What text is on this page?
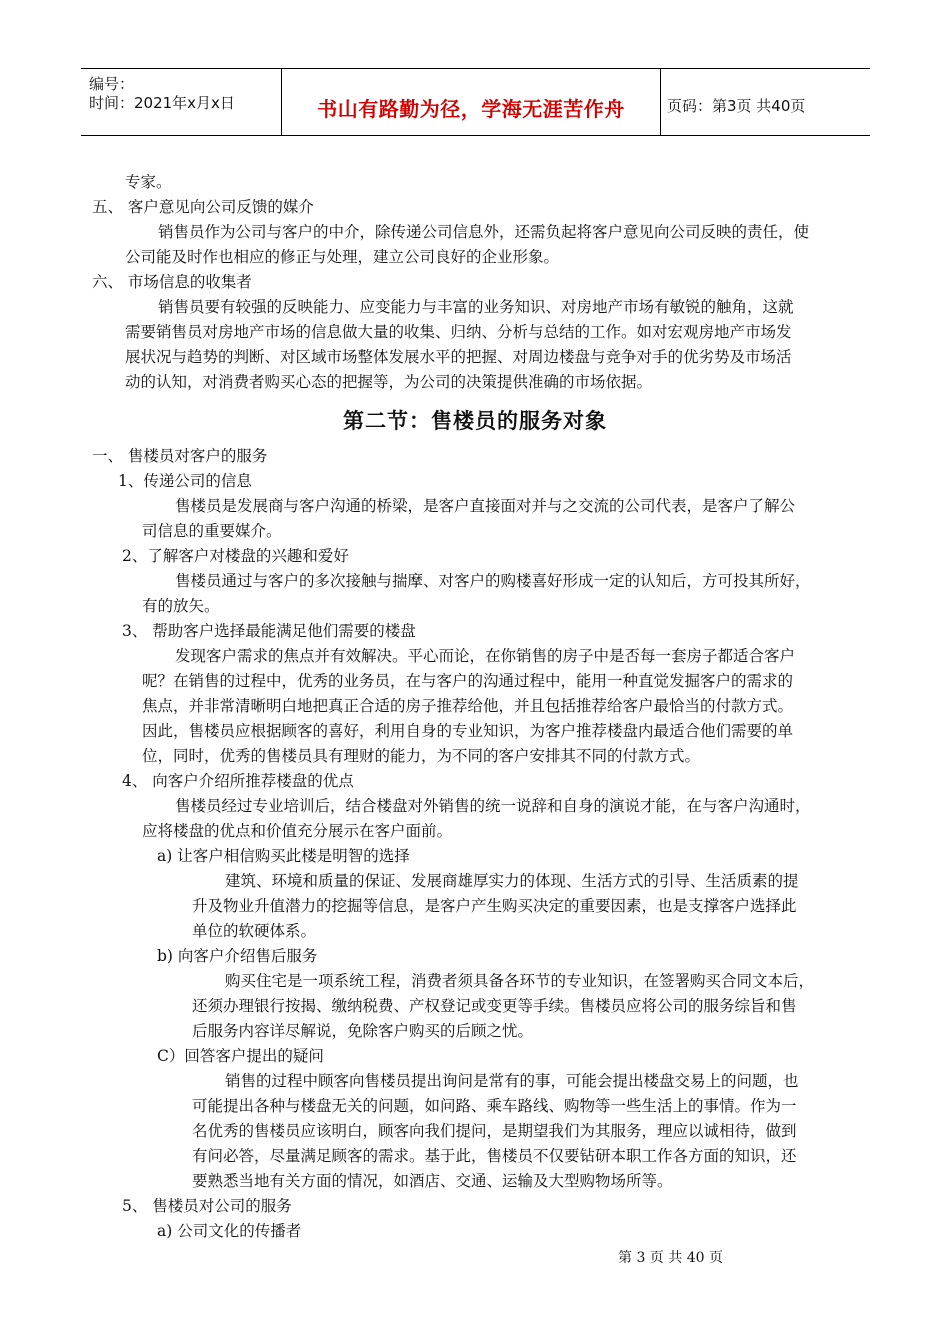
编号：
时间：2021年x月x日	书山有路勤为径，学海无涯苦作舟	页码：第3页 共40页
专家。
五、 客户意见向公司反馈的媒介
销售员作为公司与客户的中介，除传递公司信息外，还需负起将客户意见向公司反映的责任，使
公司能及时作也相应的修正与处理，建立公司良好的企业形象。
六、 市场信息的收集者
销售员要有较强的反映能力、应变能力与丰富的业务知识、对房地产市场有敏锐的触角，这就
需要销售员对房地产市场的信息做大量的收集、归纳、分析与总结的工作。如对宏观房地产市场发
展状况与趋势的判断、对区域市场整体发展水平的把握、对周边楼盘与竞争对手的优劣势及市场活
动的认知，对消费者购买心态的把握等，为公司的决策提供准确的市场依据。
第二节：售楼员的服务对象
一、 售楼员对客户的服务
1、传递公司的信息
售楼员是发展商与客户沟通的桥梁，是客户直接面对并与之交流的公司代表，是客户了解公
司信息的重要媒介。
2、了解客户对楼盘的兴趣和爱好
售楼员通过与客户的多次接触与揣摩、对客户的购楼喜好形成一定的认知后，方可投其所好，
有的放矢。
3、 帮助客户选择最能满足他们需要的楼盘
发现客户需求的焦点并有效解决。平心而论，在你销售的房子中是否每一套房子都适合客户
呢？在销售的过程中，优秀的业务员，在与客户的沟通过程中，能用一种直觉发掘客户的需求的
焦点，并非常清晰明白地把真正合适的房子推荐给他，并且包括推荐给客户最恰当的付款方式。
因此，售楼员应根据顾客的喜好，利用自身的专业知识，为客户推荐楼盘内最适合他们需要的单
位，同时，优秀的售楼员具有理财的能力，为不同的客户安排其不同的付款方式。
4、 向客户介绍所推荐楼盘的优点
售楼员经过专业培训后，结合楼盘对外销售的统一说辞和自身的演说才能，在与客户沟通时，
应将楼盘的优点和价值充分展示在客户面前。
a) 让客户相信购买此楼是明智的选择
建筑、环境和质量的保证、发展商雄厚实力的体现、生活方式的引导、生活质素的提
升及物业升值潜力的挖掘等信息，是客户产生购买决定的重要因素，也是支撑客户选择此
单位的软硬体系。
b) 向客户介绍售后服务
购买住宅是一项系统工程，消费者须具备各环节的专业知识，在签署购买合同文本后，
还须办理银行按揭、缴纳税费、产权登记或变更等手续。售楼员应将公司的服务综旨和售
后服务内容详尽解说，免除客户购买的后顾之忧。
C）回答客户提出的疑问
销售的过程中顾客向售楼员提出询问是常有的事，可能会提出楼盘交易上的问题，也
可能提出各种与楼盘无关的问题，如问路、乘车路线、购物等一些生活上的事情。作为一
名优秀的售楼员应该明白，顾客向我们提问，是期望我们为其服务，理应以诚相待，做到
有问必答，尽量满足顾客的需求。基于此，售楼员不仅要钻研本职工作各方面的知识，还
要熟悉当地有关方面的情况，如酒店、交通、运输及大型购物场所等。
5、 售楼员对公司的服务
a) 公司文化的传播者
第 3 页 共 40 页
